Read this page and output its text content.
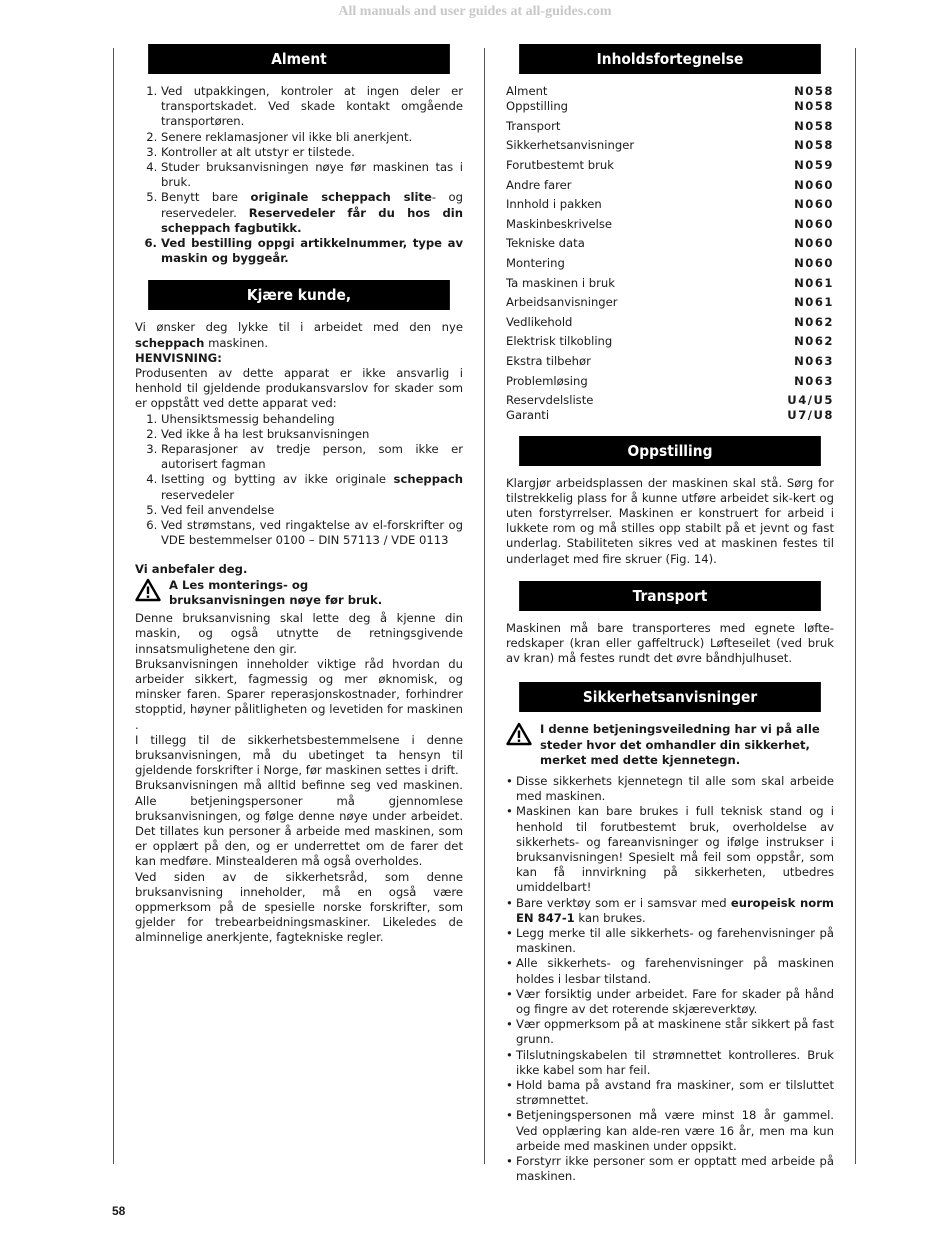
All manuals and user guides at all-guides.com
Alment
1. Ved utpakkingen, kontroler at ingen deler er transportskadet. Ved skade kontakt omgående transportøren.
2. Senere reklamasjoner vil ikke bli anerkjent.
3. Kontroller at alt utstyr er tilstede.
4. Studer bruksanvisningen nøye før maskinen tas i bruk.
5. Benytt bare originale scheppach slite- og reservedeler. Reservedeler får du hos din scheppach fagbutikk.
6. Ved bestilling oppgi artikkelnummer, type av maskin og byggeår.
Kjære kunde,

Vi ønsker deg lykke til i arbeidet med den nye scheppach maskinen.

HENVISNING:

Produsenten av dette apparat er ikke ansvarlig i henhold til gjeldende produkansvarslov for skader som er oppstått ved dette apparat ved:

1. Uhensiktsmessig behandeling
2. Ved ikke å ha lest bruksanvisningen
3. Reparasjoner av tredje person, som ikke er autorisert fagman
4. Isetting og bytting av ikke originale scheppach reservedeler
5. Ved feil anvendelse
6. Ved strømstans, ved ringaktelse av el-forskrifter og VDE bestemmelser 0100 – DIN 57113 / VDE 0113

Vi anbefaler deg.

A Les monterings- og bruksanvisningen nøye før bruk.

Denne bruksanvisning skal lette deg å kjenne din maskin, og også utnytte de retningsgivende innsatsmulighetene den gir.

Bruksanvisningen inneholder viktige råd hvordan du arbeider sikkert, fagmessig og mer øknomisk, og minsker faren. Sparer reperasjonskostnader, forhindrer stopptid, høyner pålitligheten og levetiden for maskinen .

I tillegg til de sikkerhetsbestemmelsene i denne bruksanvisningen, må du ubetinget ta hensyn til gjeldende forskrifter i Norge, før maskinen settes i drift.

Bruksanvisningen må alltid befinne seg ved maskinen. Alle betjeningspersoner må gjennomlese bruksanvisningen, og følge denne nøye under arbeidet. Det tillates kun personer å arbeide med maskinen, som er opplært på den, og er underrettet om de farer det kan medføre. Minstealderen må også overholdes.

Ved siden av de sikkerhetsråd, som denne bruksanvisning inneholder, må en også være oppmerksom på de spesielle norske forskrifter, som gjelder for trebearbeidningsmaskiner. Likeledes de alminnelige anerkjente, fagtekniske regler.

Inholdsfortegnelse
Alment	N058
Oppstilling	N058
Transport	N058
Sikkerhetsanvisninger	N058
Forutbestemt bruk	N059
Andre farer	N060
Innhold i pakken	N060
Maskinbeskrivelse	N060
Tekniske data	N060
Montering	N060
Ta maskinen i bruk	N061
Arbeidsanvisninger	N061
Vedlikehold	N062
Elektrisk tilkobling	N062
Ekstra tilbehør	N063
Problemløsing	N063
Reservdelsliste	U4/U5
Garanti	U7/U8
Oppstilling

Klargjør arbeidsplassen der maskinen skal stå. Sørg for tilstrekkelig plass for å kunne utføre arbeidet sik-kert og uten forstyrrelser. Maskinen er konstruert for arbeid i lukkete rom og må stilles opp stabilt på et jevnt og fast underlag. Stabiliteten sikres ved at maskinen festes til underlaget med fire skruer (Fig. 14).

Transport

Maskinen må bare transporteres med egnete løfte-redskaper (kran eller gaffeltruck) Løfteseilet (ved bruk av kran) må festes rundt det øvre båndhjulhuset.

Sikkerhetsanvisninger
I denne betjeningsveiledning har vi på alle steder hvor det omhandler din sikkerhet, merket med dette kjennetegn.
• Disse sikkerhets kjennetegn til alle som skal arbeide med maskinen.
• Maskinen kan bare brukes i full teknisk stand og i henhold til forutbestemt bruk, overholdelse av sikkerhets- og fareanvisninger og ifølge instrukser i bruksanvisningen! Spesielt må feil som oppstår, som kan få innvirkning på sikkerheten, utbedres umiddelbart!
• Bare verktøy som er i samsvar med europeisk norm EN 847-1 kan brukes.
• Legg merke til alle sikkerhets- og farehenvisninger på maskinen.
• Alle sikkerhets- og farehenvisninger på maskinen holdes i lesbar tilstand.
• Vær forsiktig under arbeidet. Fare for skader på hånd og fingre av det roterende skjæreverktøy.
• Vær oppmerksom på at maskinene står sikkert på fast grunn.
• Tilslutningskabelen til strømnettet kontrolleres. Bruk ikke kabel som har feil.
• Hold bama på avstand fra maskiner, som er tilsluttet strømnettet.
• Betjeningspersonen må være minst 18 år gammel. Ved opplæring kan alde-ren være 16 år, men ma kun arbeide med maskinen under oppsikt.
• Forstyrr ikke personer som er opptatt med arbeide på maskinen.
58
